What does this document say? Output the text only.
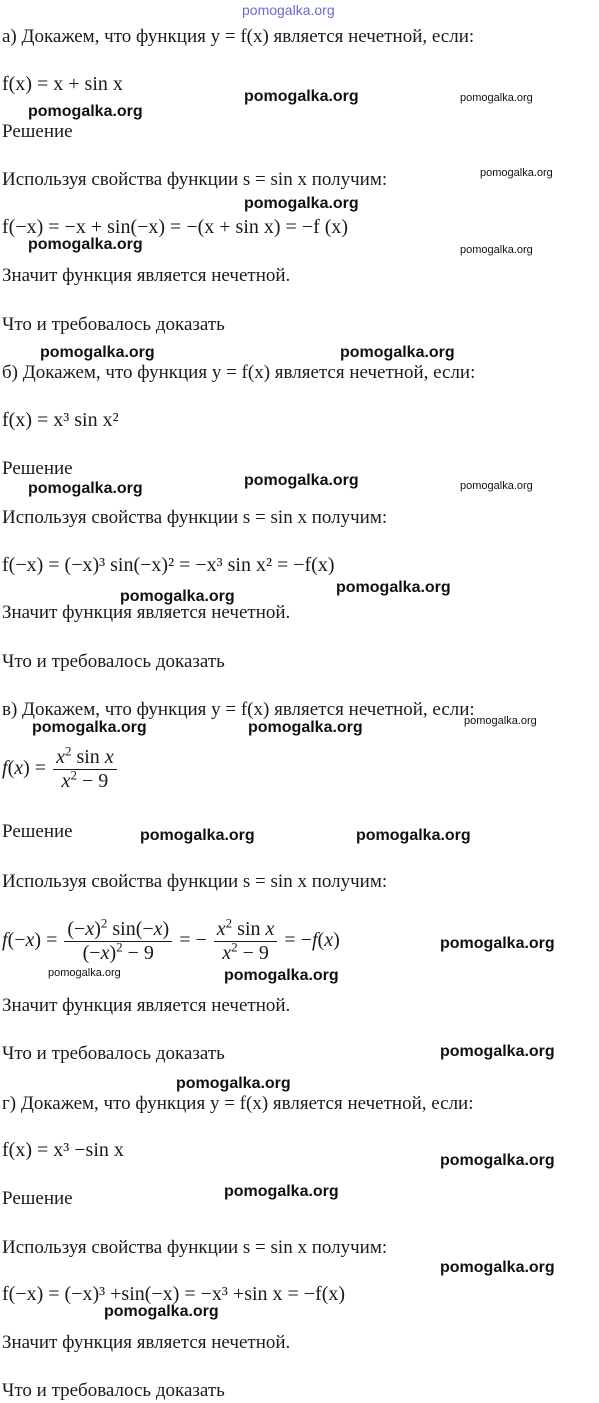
pomogalka.org
а) Докажем, что функция y = f(x) является нечетной, если:
f(x) = x + sin x
Решение
Используя свойства функции s = sin x получим:
f(−x) = −x + sin(−x) = −(x + sin x) = −f (x)
Значит функция является нечетной.
Что и требовалось доказать
pomogalka.org
pomogalka.org	pomogalka.org
pomogalka.org
pomogalka.org
pomogalka.org	pomogalka.org
pomogalka.org	pomogalka.org
б) Докажем, что функция y = f(x) является нечетной, если:
f(x) = x³ sin x²
Решение
pomogalka.org	pomogalka.org	pomogalka.org
Используя свойства функции s = sin x получим:
f(−x) = (−x)³ sin(−x)² = −x³ sin x² = −f(x)
pomogalka.org
pomogalka.org
Значит функция является нечетной.
Что и требовалось доказать
в) Докажем, что функция y = f(x) является нечетной, если:
pomogalka.org	pomogalka.org	pomogalka.org
$f(x) = \frac{x^2 \sin x}{x^2 - 9}$
Решение	pomogalka.org	pomogalka.org
Используя свойства функции s = sin x получим:
$f(-x) = \frac{(-x)^2 \sin(-x)}{(-x)^2 - 9}$ = − $\frac{x^2 \sin x}{x^2 - 9} = -f(x)$	pomogalka.org
pomogalka.org	pomogalka.org
Значит функция является нечетной.
Что и требовалось доказать	pomogalka.org
pomogalka.org
г) Докажем, что функция y = f(x) является нечетной, если:
f(x) = x³ −sin x	pomogalka.org
Решение	pomogalka.org
Используя свойства функции s = sin x получим:
pomogalka.org
f(−x) = (−x)³ +sin(−x) = −x³ +sin x = −f(x)
pomogalka.org
Значит функция является нечетной.
Что и требовалось доказать
